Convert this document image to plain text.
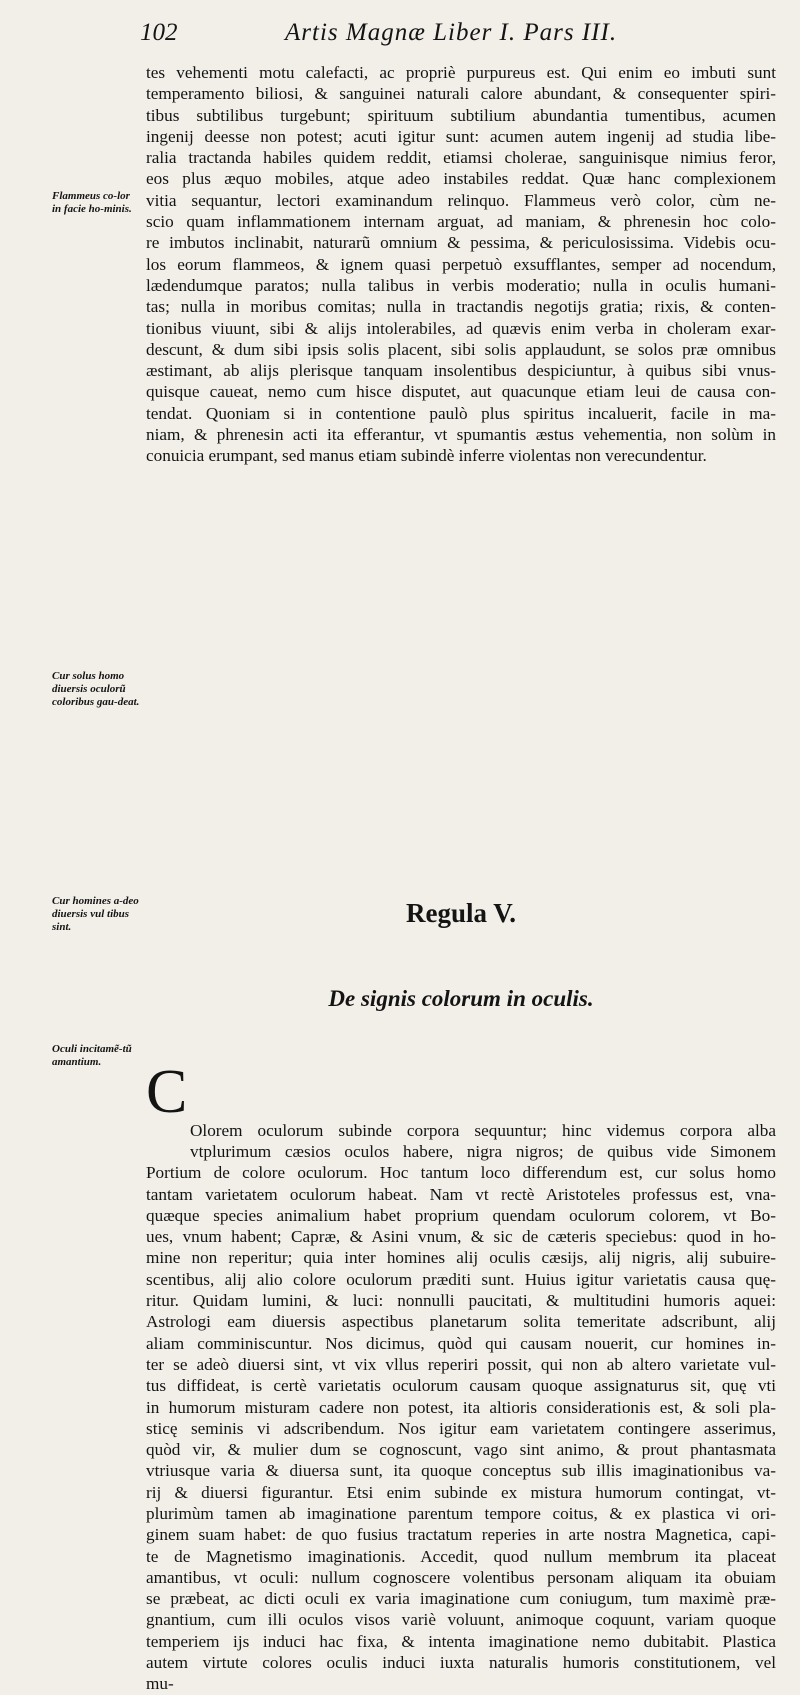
102	Artis Magnæ Liber I. Pars III.
Flammeus co-lor in facie ho-minis.
Cur solus homo diuersis oculorũ coloribus gau-deat.
Cur homines a-deo diuersis vul tibus sint.
Oculi incitamẽ-tũ amantium.
tes vehementi motu calefacti, ac propriè purpureus est. Qui enim eo imbuti sunt
temperamento biliosi, & sanguinei naturali calore abundant, & consequenter spiri-
tibus subtilibus turgebunt; spirituum subtilium abundantia tumentibus, acumen
ingenij deesse non potest; acuti igitur sunt: acumen autem ingenij ad studia libe-
ralia tractanda habiles quidem reddit, etiamsi cholerae, sanguinisque nimius feror,
eos plus æquo mobiles, atque adeo instabiles reddat. Quæ hanc complexionem
vitia sequantur, lectori examinandum relinquo. Flammeus verò color, cùm ne-
scio quam inflammationem internam arguat, ad maniam, & phrenesin hoc colo-
re imbutos inclinabit, naturarũ omnium & pessima, & periculosissima. Videbis ocu-
los eorum flammeos, & ignem quasi perpetuò exsufflantes, semper ad nocendum,
lædendumque paratos; nulla talibus in verbis moderatio; nulla in oculis humani-
tas; nulla in moribus comitas; nulla in tractandis negotijs gratia; rixis, & conten-
tionibus viuunt, sibi & alijs intolerabiles, ad quævis enim verba in choleram exar-
descunt, & dum sibi ipsis solis placent, sibi solis applaudunt, se solos præ omnibus
æstimant, ab alijs plerisque tanquam insolentibus despiciuntur, à quibus sibi vnus-
quisque caueat, nemo cum hisce disputet, aut quacunque etiam leui de causa con-
tendat. Quoniam si in contentione paulò plus spiritus incaluerit, facile in ma-
niam, & phrenesin acti ita efferantur, vt spumantis æstus vehementia, non solùm in
conuicia erumpant, sed manus etiam subindè inferre violentas non verecundentur.
Regula V.
De signis colorum in oculis.
C
Olorem oculorum subinde corpora sequuntur; hinc videmus corpora alba
vtplurimum cæsios oculos habere, nigra nigros; de quibus vide Simonem
Portium de colore oculorum. Hoc tantum loco differendum est, cur solus homo
tantam varietatem oculorum habeat. Nam vt rectè Aristoteles professus est, vna-
quæque species animalium habet proprium quendam oculorum colorem, vt Bo-
ues, vnum habent; Capræ, & Asini vnum, & sic de cæteris speciebus: quod in ho-
mine non reperitur; quia inter homines alij oculis cæsijs, alij nigris, alij subuire-
scentibus, alij alio colore oculorum præditi sunt. Huius igitur varietatis causa quę-
ritur. Quidam lumini, & luci: nonnulli paucitati, & multitudini humoris aquei:
Astrologi eam diuersis aspectibus planetarum solita temeritate adscribunt, alij
aliam comminiscuntur. Nos dicimus, quòd qui causam nouerit, cur homines in-
ter se adeò diuersi sint, vt vix vllus reperiri possit, qui non ab altero varietate vul-
tus diffideat, is certè varietatis oculorum causam quoque assignaturus sit, quę vti
in humorum misturam cadere non potest, ita altioris considerationis est, & soli pla-
sticę seminis vi adscribendum. Nos igitur eam varietatem contingere asserimus,
quòd vir, & mulier dum se cognoscunt, vago sint animo, & prout phantasmata
vtriusque varia & diuersa sunt, ita quoque conceptus sub illis imaginationibus va-
rij & diuersi figurantur. Etsi enim subinde ex mistura humorum contingat, vt-
plurimùm tamen ab imaginatione parentum tempore coitus, & ex plastica vi ori-
ginem suam habet: de quo fusius tractatum reperies in arte nostra Magnetica, capi-
te de Magnetismo imaginationis. Accedit, quod nullum membrum ita placeat
amantibus, vt oculi: nullum cognoscere volentibus personam aliquam ita obuiam
se præbeat, ac dicti oculi ex varia imaginatione cum coniugum, tum maximè præ-
gnantium, cum illi oculos visos variè voluunt, animoque coquunt, variam quoque
temperiem ijs induci hac fixa, & intenta imaginatione nemo dubitabit. Plastica
autem virtute colores oculis induci iuxta naturalis humoris constitutionem, vel
mu-
